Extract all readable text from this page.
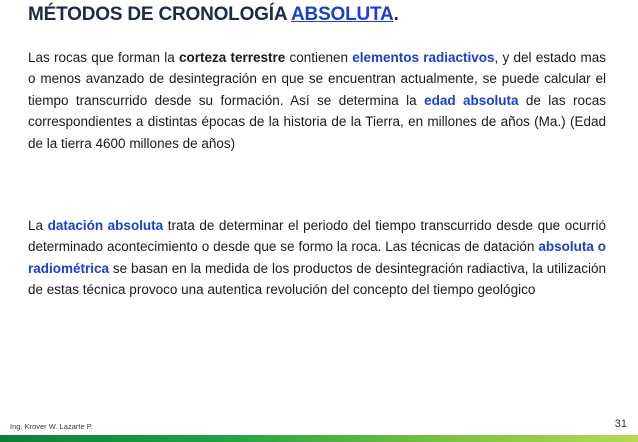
MÉTODOS DE CRONOLOGÍA ABSOLUTA.
Las rocas que forman la corteza terrestre contienen elementos radiactivos, y del estado mas o menos avanzado de desintegración en que se encuentran actualmente, se puede calcular el tiempo transcurrido desde su formación. Así se determina la edad absoluta de las rocas correspondientes a distintas épocas de la historia de la Tierra, en millones de años (Ma.) (Edad de la tierra 4600 millones de años)
La datación absoluta trata de determinar el periodo del tiempo transcurrido desde que ocurrió determinado acontecimiento o desde que se formo la roca. Las técnicas de datación absoluta o radiométrica se basan en la medida de los productos de desintegración radiactiva, la utilización de estas técnica provoco una autentica revolución del concepto del tiempo geológico
Ing. Krover W. Lazarte P.	31
